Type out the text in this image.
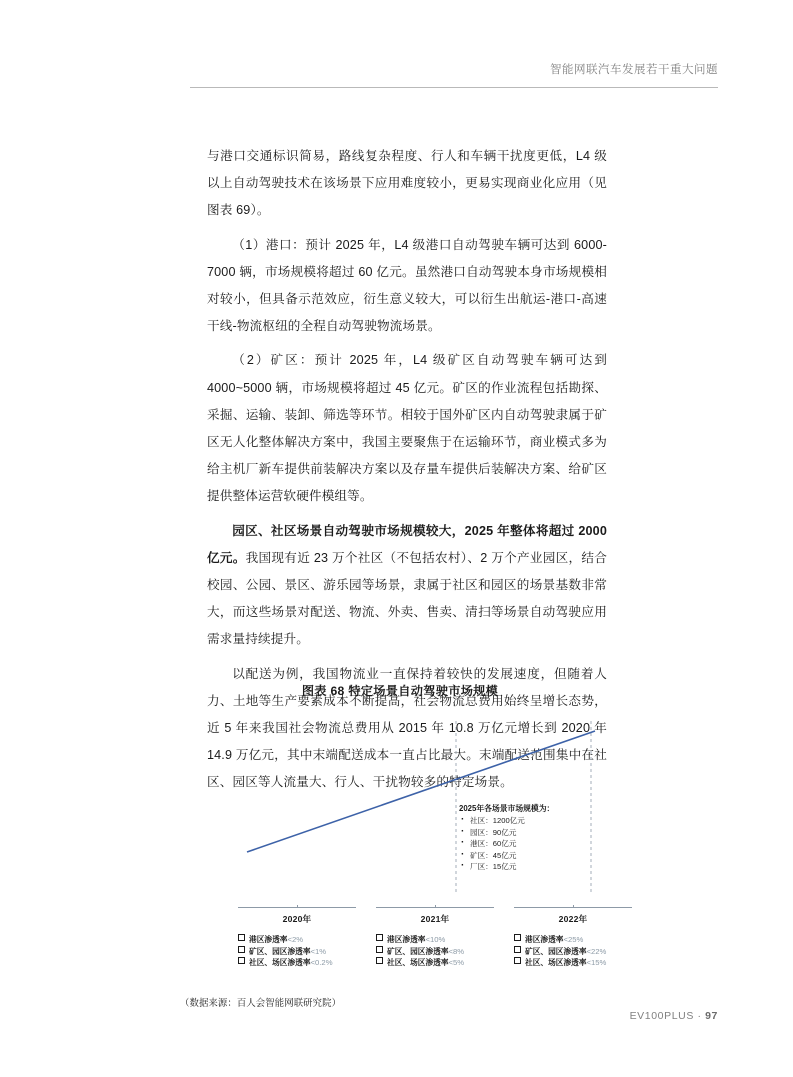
智能网联汽车发展若干重大问题

与港口交通标识简易，路线复杂程度、行人和车辆干扰度更低，L4 级以上自动驾驶技术在该场景下应用难度较小，更易实现商业化应用（见图表 69）。

（1）港口：预计 2025 年，L4 级港口自动驾驶车辆可达到 6000-7000 辆，市场规模将超过 60 亿元。虽然港口自动驾驶本身市场规模相对较小，但具备示范效应，衍生意义较大，可以衍生出航运-港口-高速干线-物流枢纽的全程自动驾驶物流场景。

（2）矿区：预计 2025 年，L4 级矿区自动驾驶车辆可达到 4000~5000 辆，市场规模将超过 45 亿元。矿区的作业流程包括勘探、采掘、运输、装卸、筛选等环节。相较于国外矿区内自动驾驶隶属于矿区无人化整体解决方案中，我国主要聚焦于在运输环节，商业模式多为给主机厂新车提供前装解决方案以及存量车提供后装解决方案、给矿区提供整体运营软硬件模组等。

园区、社区场景自动驾驶市场规模较大，2025 年整体将超过 2000 亿元。我国现有近 23 万个社区（不包括农村）、2 万个产业园区，结合校园、公园、景区、游乐园等场景，隶属于社区和园区的场景基数非常大，而这些场景对配送、物流、外卖、售卖、清扫等场景自动驾驶应用需求量持续提升。

以配送为例，我国物流业一直保持着较快的发展速度，但随着人力、土地等生产要素成本不断提高，社会物流总费用始终呈增长态势，近 5 年来我国社会物流总费用从 2015 年 10.8 万亿元增长到 2020 年 14.9 万亿元，其中末端配送成本一直占比最大。末端配送范围集中在社区、园区等人流量大、行人、干扰物较多的特定场景。

图表 68 特定场景自动驾驶市场规模
2025年各场景市场规模为：
· 社区：1200亿元
· 园区：90亿元
· 港区：60亿元
· 矿区：45亿元
· 厂区：15亿元
2020年
港区渗透率<2%
矿区、园区渗透率<1%
社区、场区渗透率<0.2%
2021年
港区渗透率<10%
矿区、园区渗透率<8%
社区、场区渗透率<5%
2022年
港区渗透率<25%
矿区、园区渗透率<22%
社区、场区渗透率<15%
（数据来源：百人会智能网联研究院）
EV100PLUS · 97
